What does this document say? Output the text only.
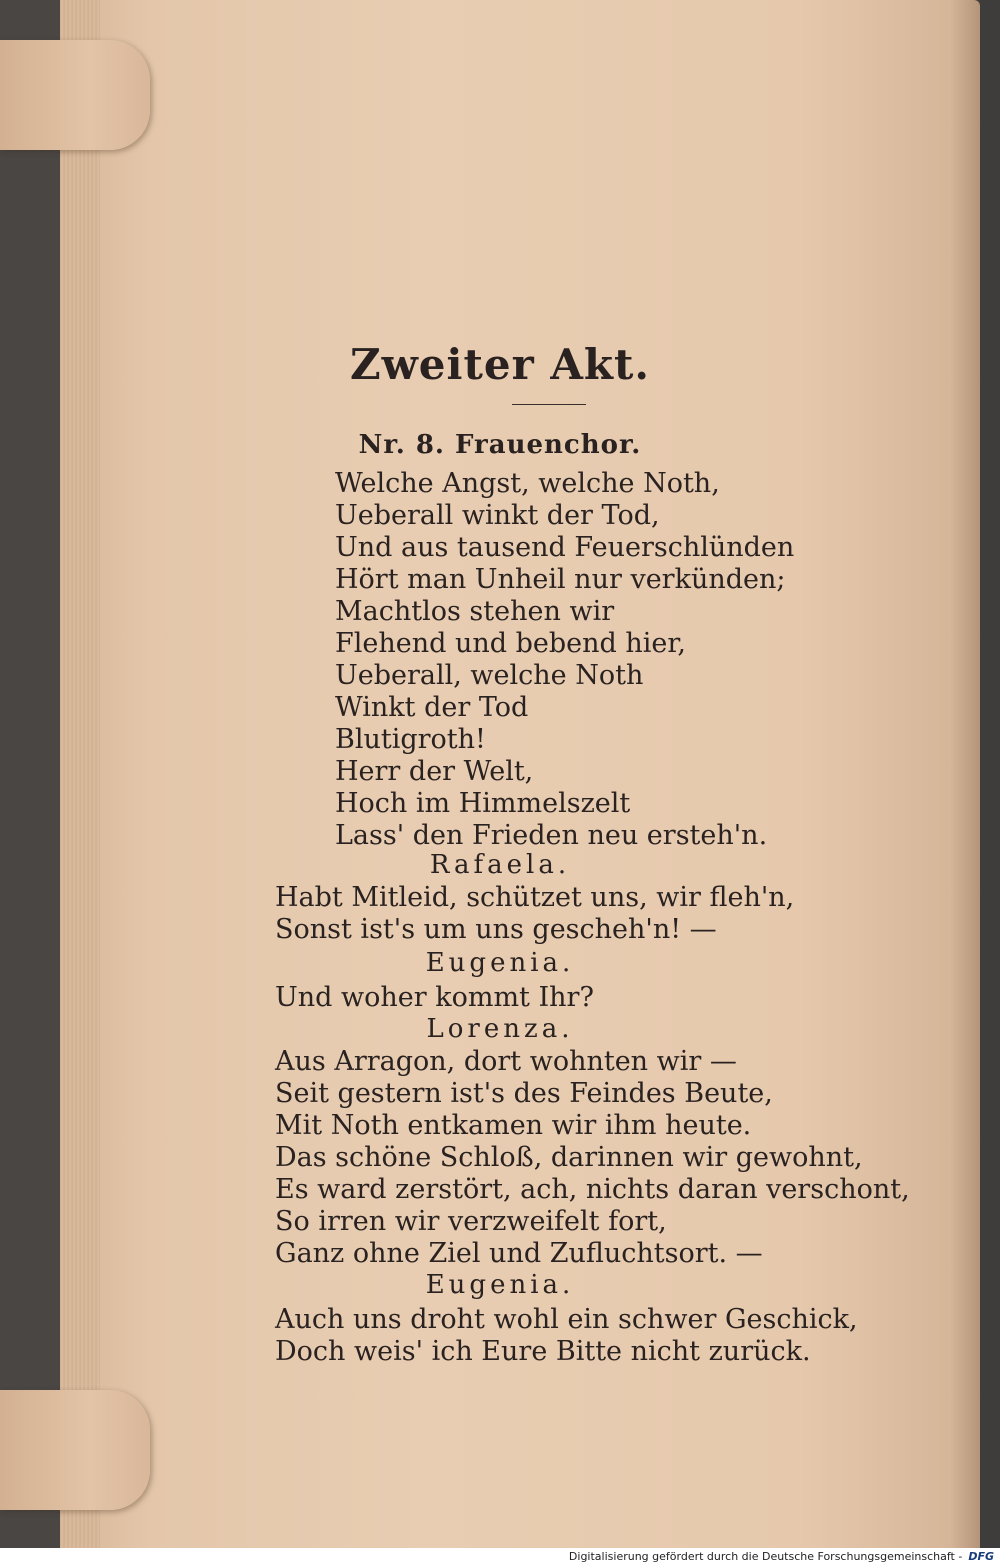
Zweiter Akt.
Nr. 8. Frauenchor.
Welche Angst, welche Noth,
Ueberall winkt der Tod,
Und aus tausend Feuerschlünden
Hört man Unheil nur verkünden;
Machtlos stehen wir
Flehend und bebend hier,
Ueberall, welche Noth
Winkt der Tod
Blutigroth!
Herr der Welt,
Hoch im Himmelszelt
Lass' den Frieden neu ersteh'n.
Rafaela.
Habt Mitleid, schützet uns, wir fleh'n,
Sonst ist's um uns gescheh'n! —
Eugenia.
Und woher kommt Ihr?
Lorenza.
Aus Arragon, dort wohnten wir —
Seit gestern ist's des Feindes Beute,
Mit Noth entkamen wir ihm heute.
Das schöne Schloß, darinnen wir gewohnt,
Es ward zerstört, ach, nichts daran verschont,
So irren wir verzweifelt fort,
Ganz ohne Ziel und Zufluchtsort. —
Eugenia.
Auch uns droht wohl ein schwer Geschick,
Doch weis' ich Eure Bitte nicht zurück.
Digitalisierung gefördert durch die Deutsche Forschungsgemeinschaft - DFG
